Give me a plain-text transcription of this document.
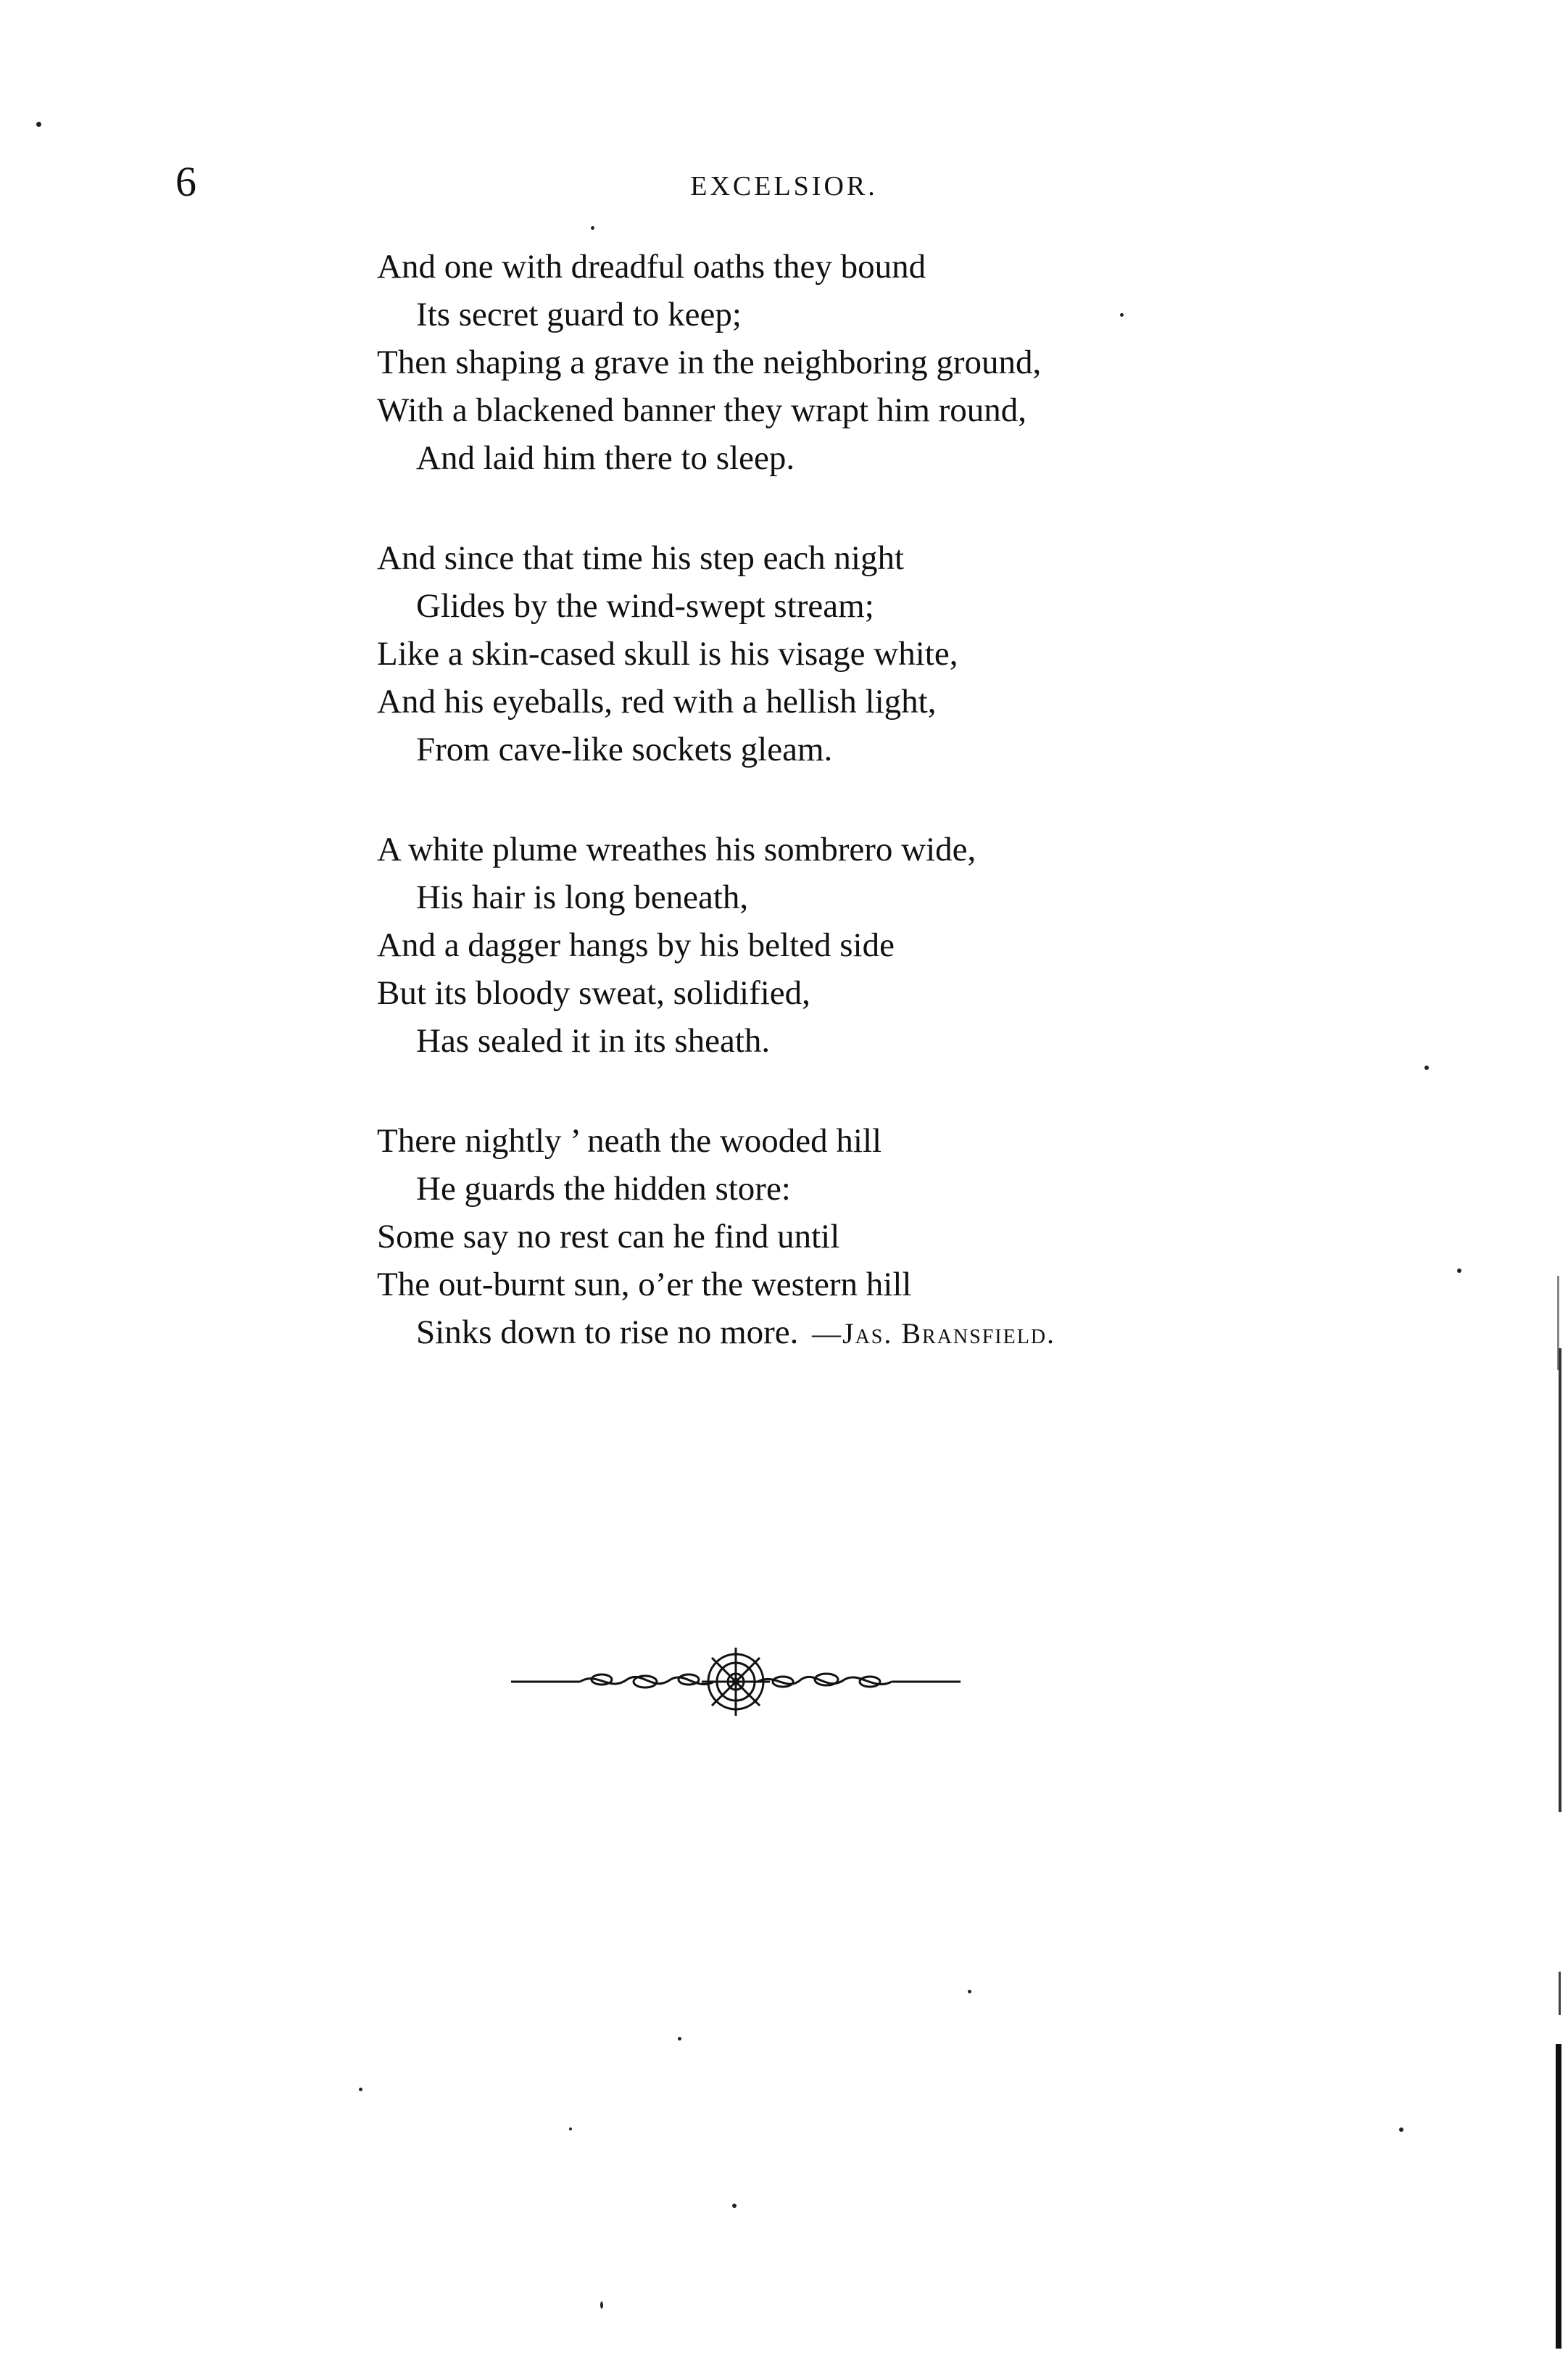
6	EXCELSIOR.
And one with dreadful oaths they bound
Its secret guard to keep;
Then shaping a grave in the neighboring ground,
With a blackened banner they wrapt him round,
And laid him there to sleep.
And since that time his step each night
Glides by the wind-swept stream;
Like a skin-cased skull is his visage white,
And his eyeballs, red with a hellish light,
From cave-like sockets gleam.
A white plume wreathes his sombrero wide,
His hair is long beneath,
And a dagger hangs by his belted side
But its bloody sweat, solidified,
Has sealed it in its sheath.
There nightly ’ neath the wooded hill
He guards the hidden store:
Some say no rest can he find until
The out-burnt sun, o’er the western hill
Sinks down to rise no more. —Jas. Bransfield.
